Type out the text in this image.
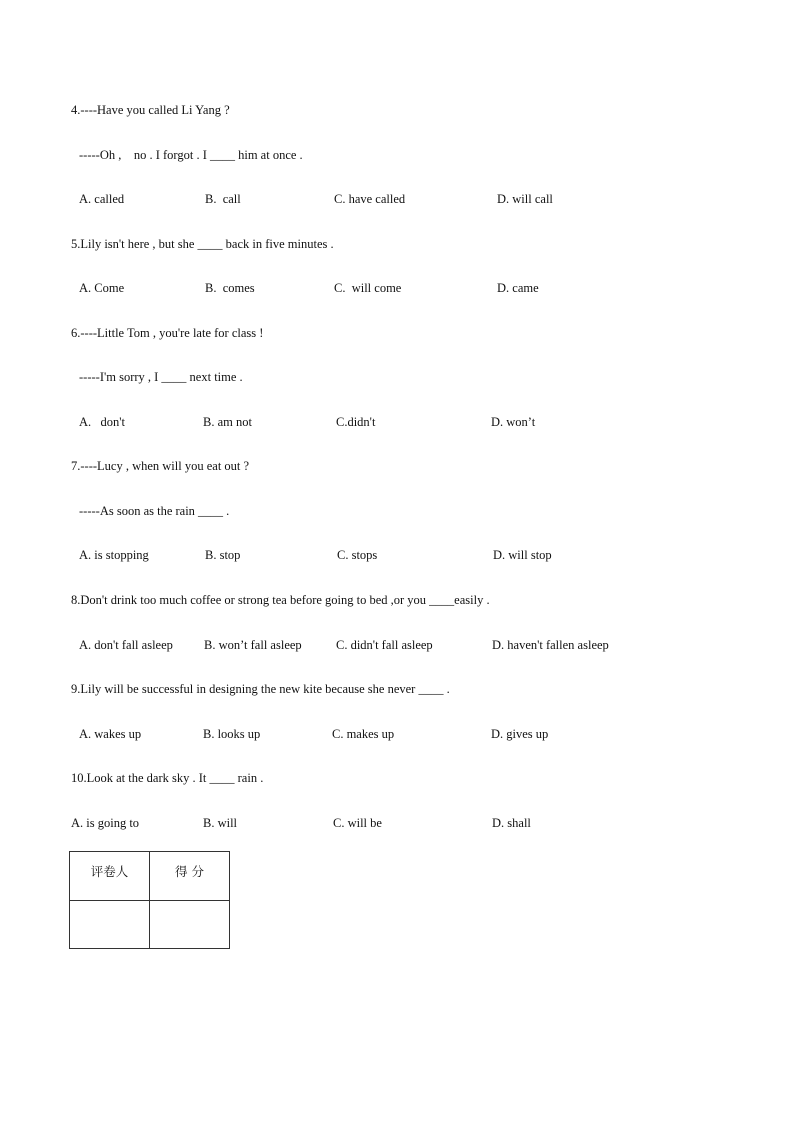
4.----Have you called Li Yang ?
-----Oh ,    no . I forgot . I ____ him at once .
A. called	B.  call	C. have called	D. will call
5.Lily isn't here , but she ____ back in five minutes .
A. Come	B.  comes	C.  will come	D. came
6.----Little Tom , you're late for class !
-----I'm sorry , I ____ next time .
A.   don't	B. am not	C.didn't	D. won’t
7.----Lucy , when will you eat out ?
-----As soon as the rain ____ .
A. is stopping	B. stop	C. stops	D. will stop
8.Don't drink too much coffee or strong tea before going to bed ,or you ____easily .
A. don't fall asleep B. won’t fall asleep	C. didn't fall asleep	D. haven't fallen asleep
9.Lily will be successful in designing the new kite because she never ____ .
A. wakes up	B. looks up	C. makes up	D. gives up
10.Look at the dark sky . It ____ rain .
A. is going to	B. will	C. will be	D. shall
评卷人	得 分
